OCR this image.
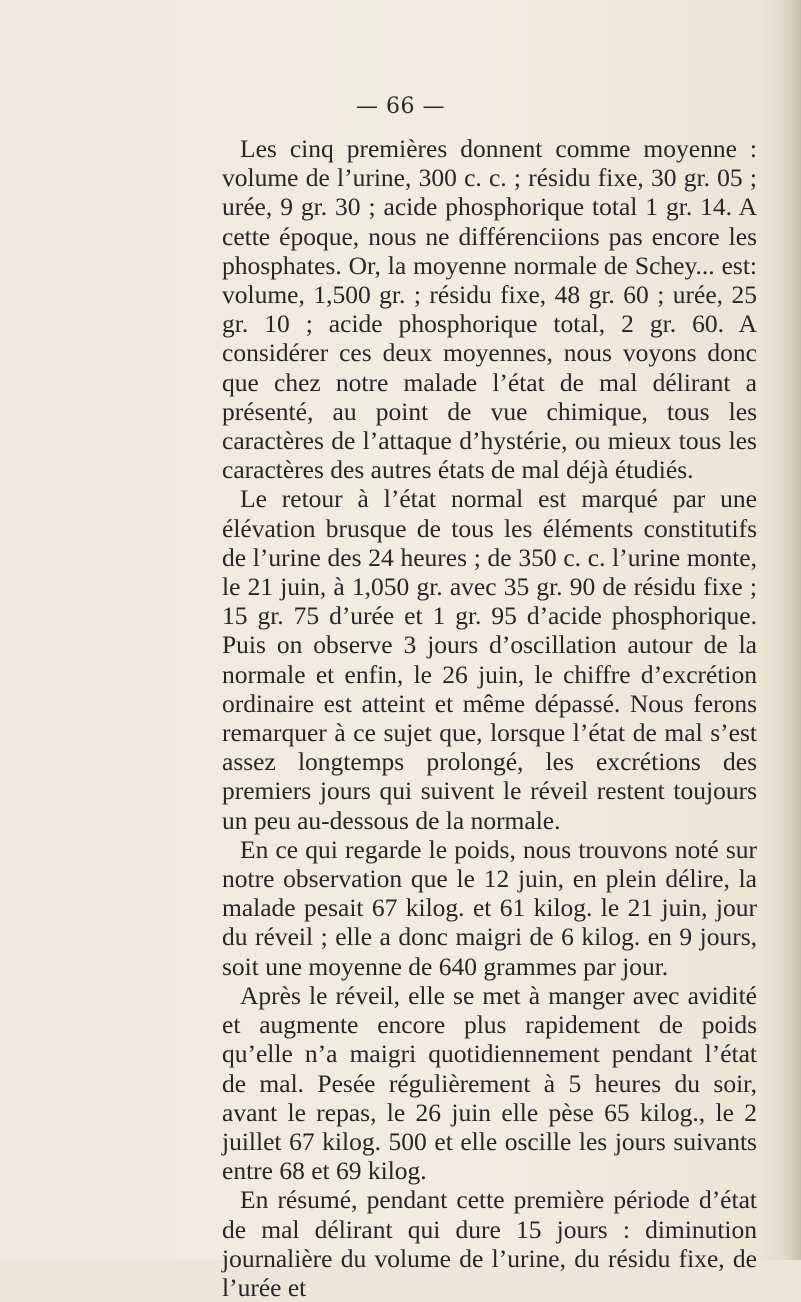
— 66 —

Les cinq premières donnent comme moyenne : volume de l’urine, 300 c. c. ; résidu fixe, 30 gr. 05 ; urée, 9 gr. 30 ; acide phosphorique total 1 gr. 14. A cette époque, nous ne différenciions pas encore les phosphates. Or, la moyenne normale de Schey... est: volume, 1,500 gr. ; résidu fixe, 48 gr. 60 ; urée, 25 gr. 10 ; acide phosphorique total, 2 gr. 60. A considérer ces deux moyennes, nous voyons donc que chez notre malade l’état de mal délirant a présenté, au point de vue chimique, tous les caractères de l’attaque d’hystérie, ou mieux tous les caractères des autres états de mal déjà étudiés.

Le retour à l’état normal est marqué par une élévation brusque de tous les éléments constitutifs de l’urine des 24 heures ; de 350 c. c. l’urine monte, le 21 juin, à 1,050 gr. avec 35 gr. 90 de résidu fixe ; 15 gr. 75 d’urée et 1 gr. 95 d’acide phosphorique. Puis on observe 3 jours d’oscillation autour de la normale et enfin, le 26 juin, le chiffre d’excrétion ordinaire est atteint et même dépassé. Nous ferons remarquer à ce sujet que, lorsque l’état de mal s’est assez longtemps prolongé, les excrétions des premiers jours qui suivent le réveil restent toujours un peu au-dessous de la normale.

En ce qui regarde le poids, nous trouvons noté sur notre observation que le 12 juin, en plein délire, la malade pesait 67 kilog. et 61 kilog. le 21 juin, jour du réveil ; elle a donc maigri de 6 kilog. en 9 jours, soit une moyenne de 640 grammes par jour.

Après le réveil, elle se met à manger avec avidité et augmente encore plus rapidement de poids qu’elle n’a maigri quotidiennement pendant l’état de mal. Pesée régulièrement à 5 heures du soir, avant le repas, le 26 juin elle pèse 65 kilog., le 2 juillet 67 kilog. 500 et elle oscille les jours suivants entre 68 et 69 kilog.

En résumé, pendant cette première période d’état de mal délirant qui dure 15 jours : diminution journalière du volume de l’urine, du résidu fixe, de l’urée et
